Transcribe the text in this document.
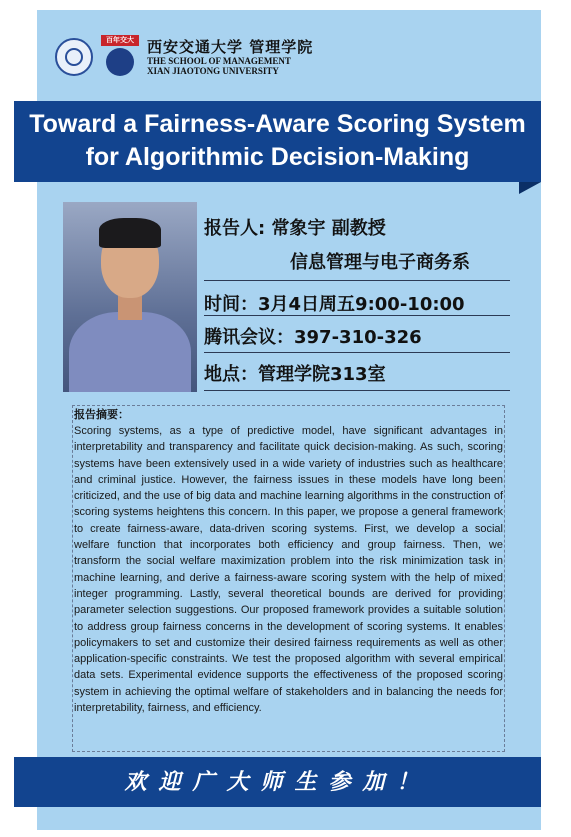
百年交大 西安交通大学 管理学院
THE SCHOOL OF MANAGEMENT
XIAN JIAOTONG UNIVERSITY
Toward a Fairness-Aware Scoring System
for Algorithmic Decision-Making
报告人: 常象宇 副教授
信息管理与电子商务系
时间：3月4日周五9:00-10:00
腾讯会议：397-310-326
地点：管理学院313室
报告摘要：
Scoring systems, as a type of predictive model, have significant advantages in interpretability and transparency and facilitate quick decision-making. As such, scoring systems have been extensively used in a wide variety of industries such as healthcare and criminal justice. However, the fairness issues in these models have long been criticized, and the use of big data and machine learning algorithms in the construction of scoring systems heightens this concern. In this paper, we propose a general framework to create fairness-aware, data-driven scoring systems. First, we develop a social welfare function that incorporates both efficiency and group fairness. Then, we transform the social welfare maximization problem into the risk minimization task in machine learning, and derive a fairness-aware scoring system with the help of mixed integer programming. Lastly, several theoretical bounds are derived for providing parameter selection suggestions. Our proposed framework provides a suitable solution to address group fairness concerns in the development of scoring systems. It enables policymakers to set and customize their desired fairness requirements as well as other application-specific constraints. We test the proposed algorithm with several empirical data sets. Experimental evidence supports the effectiveness of the proposed scoring system in achieving the optimal welfare of stakeholders and in balancing the needs for interpretability, fairness, and efficiency.
欢迎广大师生参加！
